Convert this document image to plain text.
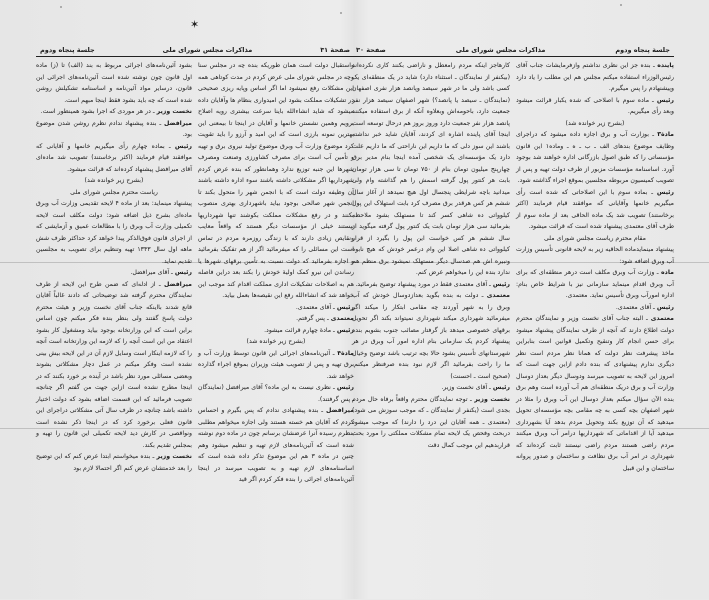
✶
صفحة ۳۱
مذاکرات مجلس شورای ملی
جلسة پنجاه ودوم

واستقبال دولت است همان طوریکه بنده چه در مجلس سنا وچه در مجلس شورای ملی عرض کردم در مدت کوتاهی همه این مشکلات رفع نمیشود اما اگر اساس وپایه ریزی صحیحی در تشکیلات مملکت بشود این امیدواری بنظام ها وآقایان داده میشود که شاید انشاءالله باینا سرعت بیشتری رویه اصلاح برویم وهمین نشستن خانمها و آقایان در اینجا تا بیمعنی این بهترین نمونه بارزی است که این امید و آرزو را باید تقویت کرد موضوع وزارت آب وبرق موضوع تولید نیروی برق و تهیه و تأمین آب است برای مصرف کشاورزی وصنعت ومصرف شهرها این جنبه توزیع ندارد وهمانطور که بنده عرض کردم شهرداریها اگر مشکلاتی داشته باشند سوء اداره داشته باشند آن وظیفه دولت است که با انجمن شهر را متحول بکند تا انجمن شهر صالحی بوجود بیاید باشهرداری بهتری منصوب بکنند و در رفع مشکلات مملکت بکوشند تنها شهرداریها نیستند خیلی از مؤسسات دیگر هستند که واقعاً معایب ونقایص زیادی دارند که با زندگی روزمره مردم در تماس است این مسائلی را که میفرمائید اگر از هم تفکیک بفرمائید و اجازه بفرمائید که دولت نسبت به تأمین برقهای شهرها یا رساندن این نیرو کمک اولیهٔ خودش را بکند بعد دراین فاصله هم به اصلاحات تشکیلات اداری مملکت اقدام کند موجب این خواهد شد که انشاءالله رفع این نقیصه‌ها بعمل بیاید.

رئیس ـ آقای معتمدی.

معتمدی ـ پس گرفتم.

رئیس ـ مادة چهارم قرائت میشود.

(بشرح زیر خوانده شد)

مادة۴ ـ آئین‌نامه‌های اجرائی این قانون توسط وزارت آب و برق تهیه و پس از تصویب هیئت وزیران بموقع اجراء گذارده خواهد شد.

رئیس ـ نظری نیست به این ماده؟ آقای میرافضل (نمایندگان ـ پس گرفتند).

میرافضل ـ بنده پیشنهادی ندادم که پس بگیرم و احساس کردم که آقایان هم خسته هستند ولی اجازه میخواهم مطلبی بنظرم رسیده آنرا عرضشان برسانم چون در ماده دوم نوشته شده است که آئین‌نامه‌های لازم تهیه و تنظیم میشود وهم چنین در ماده ۳ هم این موضوع تذکر داده شده است که اساسنامه‌های لازم تهیه و به تصویب میرسد در اینجا آئین‌نامه‌های اجرائی را بنده فکر کردم اگر قید

بشود آئین‌نامه‌های اجرائی مربوط به بند (الف) تا (ز) ماده اول قانون چون نوشته شده است آئین‌نامه‌های اجرائی این قانون، درسایر مواد آئین‌نامه و اساسنامه تشکیلش روشن شده است که چه باید بشود فقط اینجا مبهم است.

نخست وزیر ـ در هر موردی که اجرا بشود همینطور است.

میرافضل ـ بنده پیشنهاد ندادم نظرم روشن شدن موضوع بود.

رئیس ـ بماده چهارم رأی میگیریم خانمها و آقایانی که موافقند قیام فرمایند (اکثر برخاستند) تصویب شد ماده‌ای آقای میرافضل پیشنهاد کرده‌اند که قرائت میشود.

(بشرح زیر خوانده شد)

ریاست محترم مجلس شورای ملی

پیشنهاد مینماید: بعد از ماده ۴ لایحه تقدیمی وزارت آب وبرق ماده‌ای بشرح ذیل اضافه شود: دولت مکلف است لایحه تکمیلی وزارت آب وبرق را با مطالعات عمیق و آزمایشی که از اجرای قانون فوق‌الذکر پیدا خواهد کرد حداکثر ظرف شش ماهه اول سال ۱۳۴۳ تهیه وتنظیم برای تصویب به مجلسین تقدیم نماید.

رئیس ـ آقای میرافضل.

میرافضل ـ از ادله‌ای که ضمن طرح این لایحه از طرف نمایندگان محترم گرفته شد توضیحاتی که دادند غالباً آقایان قانع شدند بااینکه جناب آقای نخست وزیر و هیئت محترم دولت پاسخ گفتند ولی بنظر بنده فکر میکنم چون اساس براین است که این وزارتخانه بوجود بیاید ومشغول کار بشود اعتقاد من این است آنچه را که لازمه این وزارتخانه است آنچه را که لازمه اینکار است وسایل لازم آن در این لایحه بیش بینی نشده است وفکر میکنم در عمل دچار مشکلاتی بشوند وبعضی مسائلی مورد نظر باشد در آینده بر خورد بکنند که در اینجا مطرح نشده است ازاین جهت من گفتم اگر چنانچه تصویب فرمائید که این قسمت اضافه بشود که دولت اختیار داشته باشد چنانچه در ظرف سال آتی مشکلاتی دراجرای این قانون فعلی برخورد کرد که در اینجا ذکر نشده است ونواقصی در کارش دید لایحه تکمیلی این قانون را تهیه و بمجلس تقدیم بکند.

نخست وزیر ـ بنده میخواستم ابتدا عرض کنم که این توضیح را بعد خدمتشان عرض کنم اگر احتمالا لازم بود

جلسة پنجاه ودوم
مذاکرات مجلس شورای ملی
صفحة ۳۰

پاینده ـ بنده جز این نظری نداشتم وازفرمایشات جناب آقای رئیس‌الوزراء استفاده میکنم مجلس هم این مطلب را یاد دارد وپیشنهادم را پس میگیرم.

رئیس ـ ماده سوم با اصلاحی که شده یکبار قرائت میشود وبعد رأی میگیریم.

(بشرح زیر خوانده شد)

مادة۳ ـ بوزارت آب و برق اجازه داده میشود که دراجرای وظایف موضوع بندهای الف ـ ب ـ ه ـ وماده۱ این قانون مؤسساتی را که طبق اصول بازرگانی اداره خواهند شد بوجود آورد. اساسنامة مؤسسات مزبور از طرف دولت تهیه و پس از تصویب کمیسیون مربوطه مجلسین بموقع اجراء گذاشته شود.

رئیس ـ بماده سوم با این اصلاحاتی که شده است رأی میگیریم خانمها وآقایانی که موافقند قیام فرمایند (اکثر برخاستند) تصویب شد یک ماده الحاقی بعد از ماده سوم از طرف آقای معتمدی پیشنهاد شده است که قرائت میشود.

مقام محترم ریاست مجلس شورای ملی

پیشنهاد مینمایدماده الحاقیه زیر به لایحه قانونی تأسیس وزارت آب وبرق اضافه شود:

ماده ـ وزارت آب وبرق مکلف است درهر منطقه‌ای که برای آب وبرق اقدام مینماید سازمانی نیز با شرایط خاص بنام: اداره امورآب وبرق تأسیس نماید. معتمدی.

رئیس ـ آقای معتمدی.

معتمدی ـ البته جناب آقای نخست وزیر و نمایندگان محترم دولت اطلاع دارند که آنچه از طرف نمایندگان پیشنهاد میشود برای حسن انجام کار وتنقیح وتکمیل قوانین است بنابراین ماخذ پیشرفت نظر دولت که همانا نظر مردم است نظر دیگری ندارم پیشنهادی که بنده دادم ازاین جهت است که امروز این لایحه به تصویب میرسد ودوسال دیگر بعداز دوسال وزارت آب و برق دریک منطقه‌ای هم آب آورده است وهم برق بنده الآن سؤال میکنم بعداز دوسال این آب وبرق را مثلا در شهر اصفهان بچه کسی به چه مقامی بچه مؤسسه‌ای تحویل میدهید که آن توزیع بکند وتحویل مردم بدهد آیا بشهرداری میدهید آیا از اقداماتی که شهرداریها درامر آب وبرق میکنند مردم راضی هستند مردم راضی نیستند ثابت کرده‌اند که شهرداری در امر آب برق نظافت و ساختمان و صدور پروانه ساختمان و این قبیل

کارهاجز اینکه مردم رامعطل و ناراضی بکنند کاری نکرده‌اند (بیکنفر از نمایندگان ـ استثناء دارد) شاید در یک منطقه‌ای یک کسی باشد ولی ما در شهر سیصد وپانصد هزار نفری اصفهان (نمایندگان ـ سیصد یا پانصد؟) شهر اصفهان سیصد هزار نفر جمعیت دارد، باحومه‌اش وبعلاوه آنکه از برق استفاده میکنند پانصد هزار نفر جمعیت دارد وروز بروز هم درحال توسعه است اینجا آقای پاینده اشاره ای کردند، آقایان شاید خبر نداشته باشند این سوز دلی که ما داریم این ناراحتی که ما داریم علت دارد یک مؤسسه‌ای یک شخصی آمده اینجا بنام مدیر برق چهارپنج میلیون تومان بنام از ۷۵۰ تومان تا سی هزار تومان بابت هر کنتور پول گرفته اسمش را هم گذاشته وام ولی میدانید باچه شرایطی پنجسال اول هیچ نمیدهد از آغاز سال ششم هر کس هرقدر برق مصرف کرد بابت استهلاک این پول کیلوواتی ده شاهی کسر کند تا مستهلک بشود ملاحظه بفرمائید سی هزار تومان بابت یک کنتور پول گرفته میگوید از سال ششم هر کس خواست این پول را بگیرد از قرار کیلوواتی ده شاهی اصلا این وام درعمر خودش که هیچ نابوه ونبیره اش هم صدسال دیگر مستهلک نمیشود برق منظم هم ندارد بنده این را میخواهم عرض کنم.

رئیس ـ آقای معتمدی فقط در مورد پیشنهاد توضیح بفرمائید.

معتمدی ـ دولت به بنده بگوید بعدازدوسال خودش که آب وبرق را به شهر آوردند چه مقامی ابتکار را میکند اگر میفرمائید شهرداری میکند شهرداری نمیتواند بکند اگر تحویل برقهای خصوصی میدهد باز گرفتار مصائب جنوب بشویم بنده پیشنهاد کردم یک سازمانی بنام اداره امور آب وبرق در هر شهرستانهای تأسیس بشود حالا بچه ترتیب باشد توضیح وخیال ما را راحت بفرمائید اگر لازم نبود بنده صرفنظر میکنم. (صحیح است ـ احسنت)

رئیس ـ آقای نخست وزیر.

نخست وزیر ـ توجه نمایندگان محترم واقعاً برفاه حال مردم بجدی است (یکنفر از نمایندگان ـ که موجب سوزش می شود) (معتمدی ـ همه آقایان این درد را دارند) که موجب میشود دربحث وفحص یک لایحه تمام مشکلات مملکتی را مورد بحث قراربدهیم این موجب کمال دقت
